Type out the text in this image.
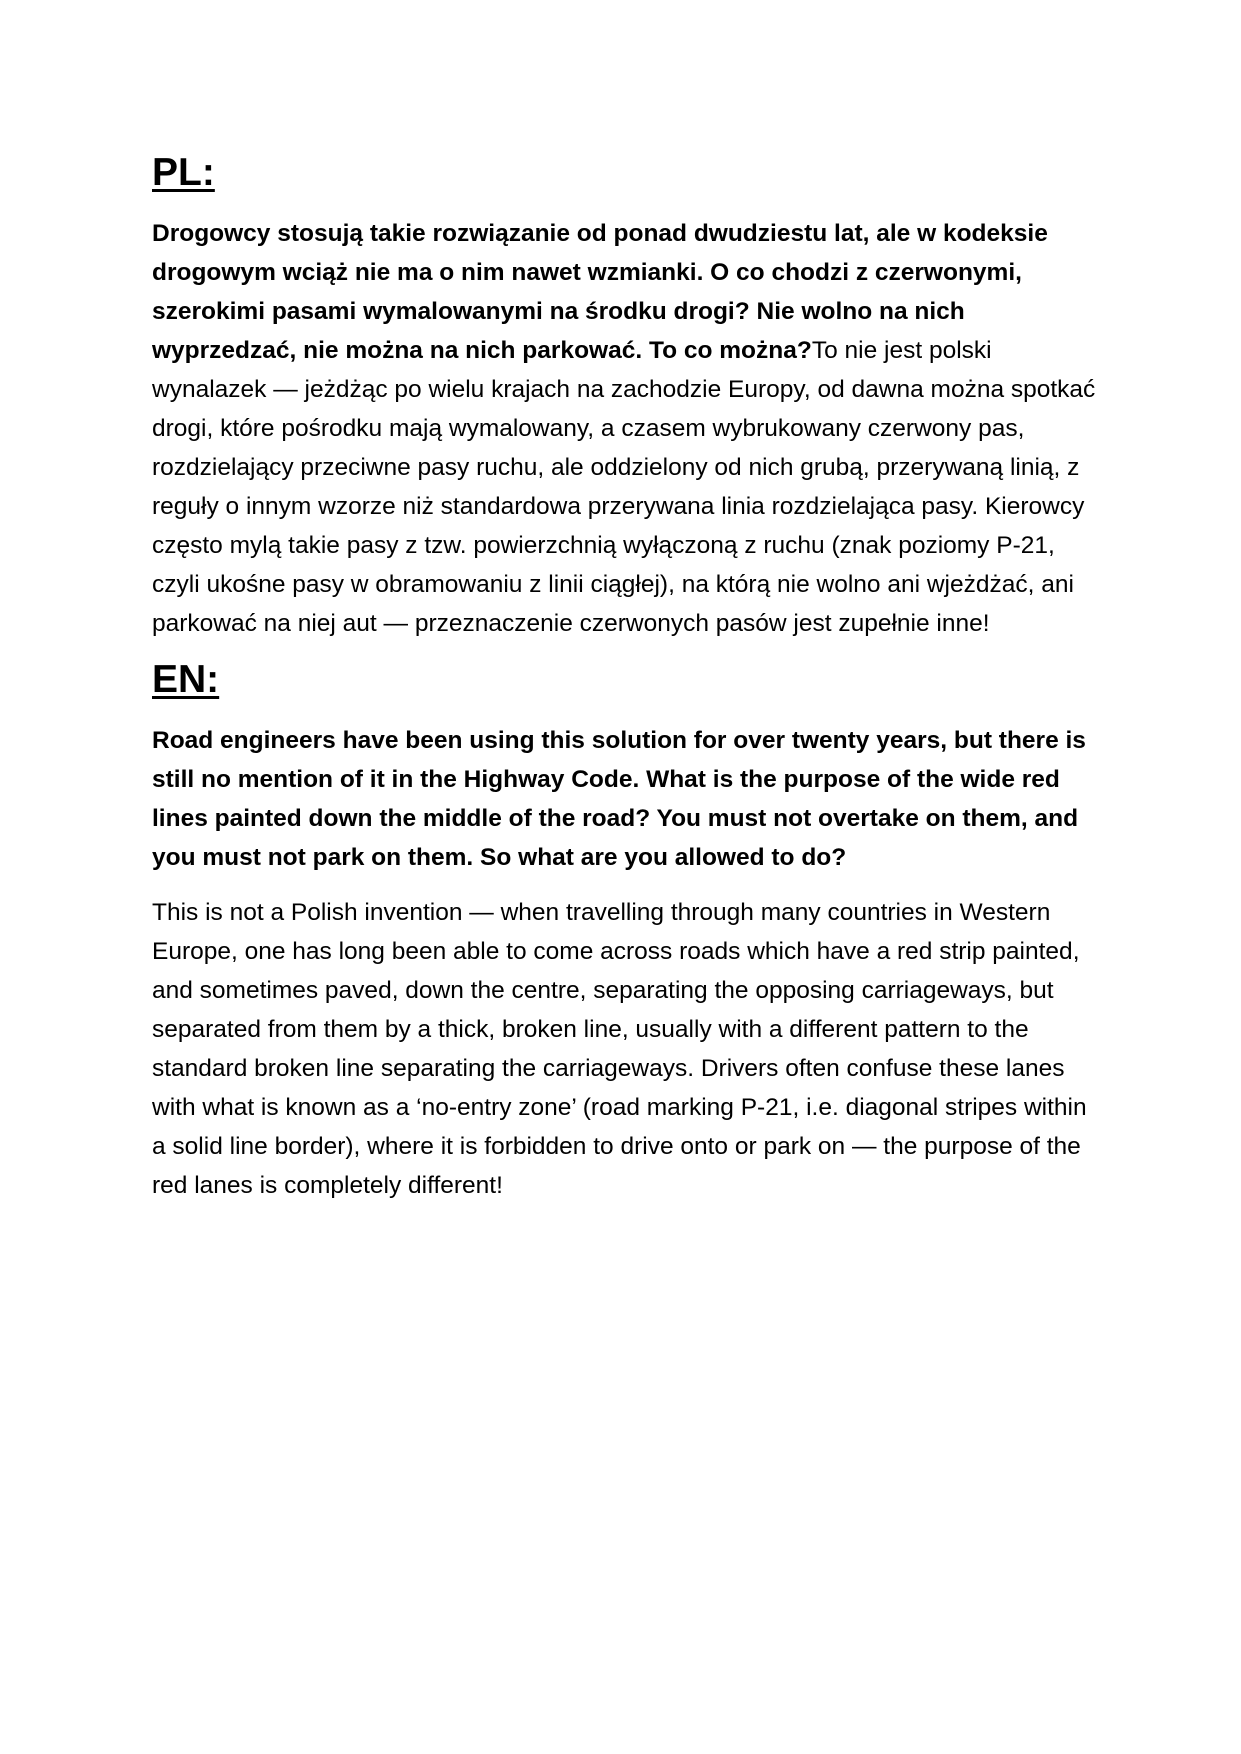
PL:

Drogowcy stosują takie rozwiązanie od ponad dwudziestu lat, ale w kodeksie drogowym wciąż nie ma o nim nawet wzmianki. O co chodzi z czerwonymi, szerokimi pasami wymalowanymi na środku drogi? Nie wolno na nich wyprzedzać, nie można na nich parkować. To co można?To nie jest polski wynalazek — jeżdżąc po wielu krajach na zachodzie Europy, od dawna można spotkać drogi, które pośrodku mają wymalowany, a czasem wybrukowany czerwony pas, rozdzielający przeciwne pasy ruchu, ale oddzielony od nich grubą, przerywaną linią, z reguły o innym wzorze niż standardowa przerywana linia rozdzielająca pasy. Kierowcy często mylą takie pasy z tzw. powierzchnią wyłączoną z ruchu (znak poziomy P-21, czyli ukośne pasy w obramowaniu z linii ciągłej), na którą nie wolno ani wjeżdżać, ani parkować na niej aut — przeznaczenie czerwonych pasów jest zupełnie inne!

EN:

Road engineers have been using this solution for over twenty years, but there is still no mention of it in the Highway Code. What is the purpose of the wide red lines painted down the middle of the road? You must not overtake on them, and you must not park on them. So what are you allowed to do?

This is not a Polish invention — when travelling through many countries in Western Europe, one has long been able to come across roads which have a red strip painted, and sometimes paved, down the centre, separating the opposing carriageways, but separated from them by a thick, broken line, usually with a different pattern to the standard broken line separating the carriageways. Drivers often confuse these lanes with what is known as a ‘no-entry zone’ (road marking P-21, i.e. diagonal stripes within a solid line border), where it is forbidden to drive onto or park on — the purpose of the red lanes is completely different!
